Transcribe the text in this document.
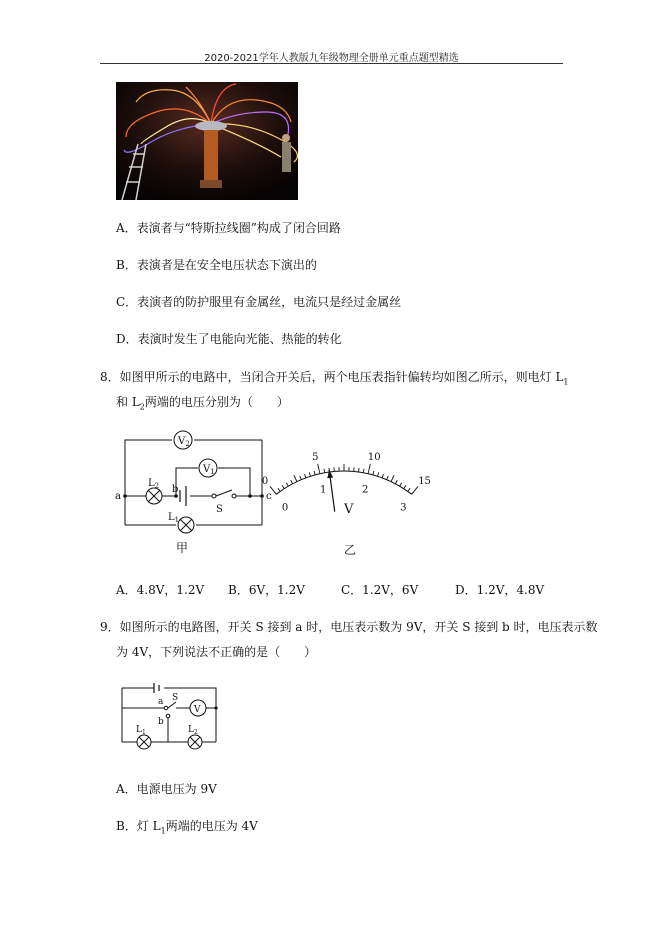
2020-2021学年人教版九年级物理全册单元重点题型精选
A．表演者与“特斯拉线圈”构成了闭合回路
B．表演者是在安全电压状态下演出的
C．表演者的防护服里有金属丝，电流只是经过金属丝
D．表演时发生了电能向光能、热能的转化
8．如图甲所示的电路中，当闭合开关后，两个电压表指针偏转均如图乙所示，则电灯 $L_1$
和 $L_2$两端的电压分别为（　　）
$V_2$
$V_1$
$L_2$
$L_1$
a
b
c
S
甲
0
5	10
15
0
1	2
3
V
乙
A．4.8V，1.2V B．6V，1.2V	C．1.2V，6V	D．1.2V，4.8V
9．如图所示的电路图，开关 S 接到 a 时，电压表示数为 9V，开关 S 接到 b 时，电压表示数
为 4V，下列说法不正确的是（　　）
a
b
S
V
$L_1$	$L_2$
A．电源电压为 9V
B．灯 $L_1$两端的电压为 4V
